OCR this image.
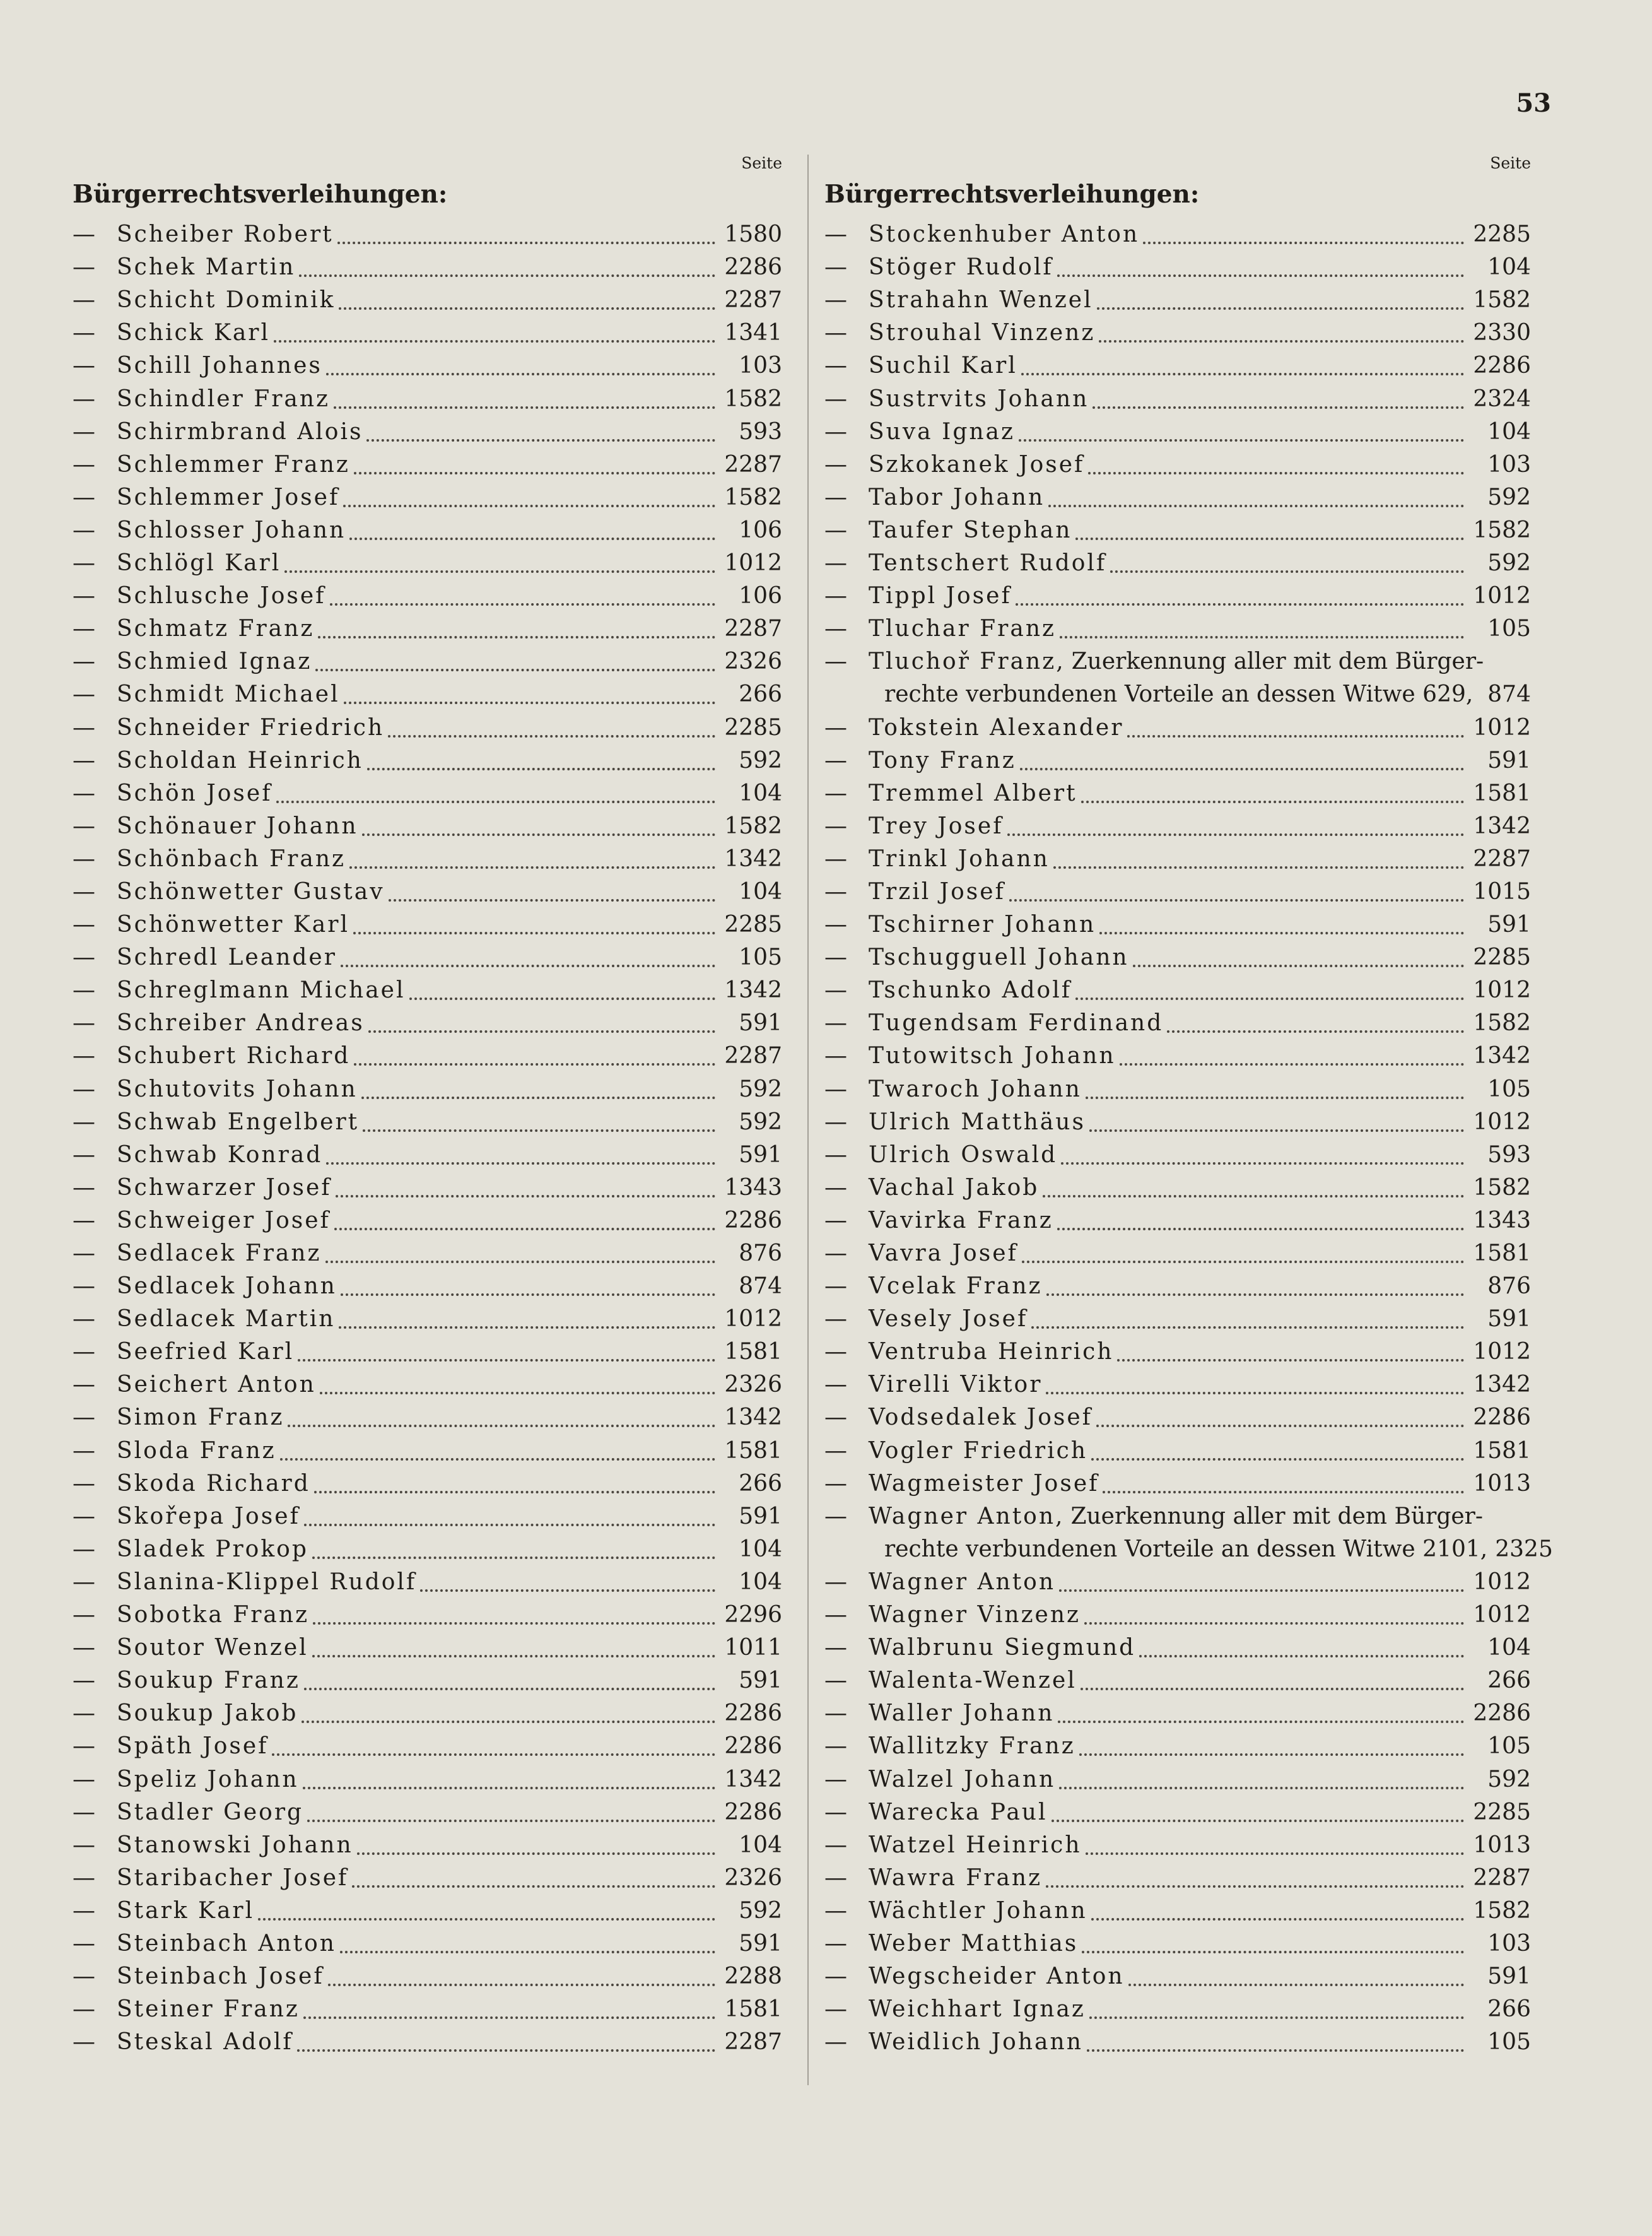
53
Seite
Bürgerrechtsverleihungen:
— Scheiber Robert	1580
— Schek Martin	2286
— Schicht Dominik	2287
— Schick Karl	1341
— Schill Johannes	103
— Schindler Franz	1582
— Schirmbrand Alois	593
— Schlemmer Franz	2287
— Schlemmer Josef	1582
— Schlosser Johann	106
— Schlögl Karl	1012
— Schlusche Josef	106
— Schmatz Franz	2287
— Schmied Ignaz	2326
— Schmidt Michael	266
— Schneider Friedrich	2285
— Scholdan Heinrich	592
— Schön Josef	104
— Schönauer Johann	1582
— Schönbach Franz	1342
— Schönwetter Gustav	104
— Schönwetter Karl	2285
— Schredl Leander	105
— Schreglmann Michael	1342
— Schreiber Andreas	591
— Schubert Richard	2287
— Schutovits Johann	592
— Schwab Engelbert	592
— Schwab Konrad	591
— Schwarzer Josef	1343
— Schweiger Josef	2286
— Sedlacek Franz	876
— Sedlacek Johann	874
— Sedlacek Martin	1012
— Seefried Karl	1581
— Seichert Anton	2326
— Simon Franz	1342
— Sloda Franz	1581
— Skoda Richard	266
— Skořepa Josef	591
— Sladek Prokop	104
— Slanina-Klippel Rudolf	104
— Sobotka Franz	2296
— Soutor Wenzel	1011
— Soukup Franz	591
— Soukup Jakob	2286
— Späth Josef	2286
— Speliz Johann	1342
— Stadler Georg	2286
— Stanowski Johann	104
— Staribacher Josef	2326
— Stark Karl	592
— Steinbach Anton	591
— Steinbach Josef	2288
— Steiner Franz	1581
— Steskal Adolf	2287
Seite
Bürgerrechtsverleihungen:
— Stockenhuber Anton	2285
— Stöger Rudolf	104
— Strahahn Wenzel	1582
— Strouhal Vinzenz	2330
— Suchil Karl	2286
— Sustrvits Johann	2324
— Suva Ignaz	104
— Szkokanek Josef	103
— Tabor Johann	592
— Taufer Stephan	1582
— Tentschert Rudolf	592
— Tippl Josef	1012
— Tluchar Franz	105
— Tluchoř Franz, Zuerkennung aller mit dem Bürger-
rechte verbundenen Vorteile an dessen Witwe 629, 874
— Tokstein Alexander	1012
— Tony Franz	591
— Tremmel Albert	1581
— Trey Josef	1342
— Trinkl Johann	2287
— Trzil Josef	1015
— Tschirner Johann	591
— Tschugguell Johann	2285
— Tschunko Adolf	1012
— Tugendsam Ferdinand	1582
— Tutowitsch Johann	1342
— Twaroch Johann	105
— Ulrich Matthäus	1012
— Ulrich Oswald	593
— Vachal Jakob	1582
— Vavirka Franz	1343
— Vavra Josef	1581
— Vcelak Franz	876
— Vesely Josef	591
— Ventruba Heinrich	1012
— Virelli Viktor	1342
— Vodsedalek Josef	2286
— Vogler Friedrich	1581
— Wagmeister Josef	1013
— Wagner Anton, Zuerkennung aller mit dem Bürger-
rechte verbundenen Vorteile an dessen Witwe 2101, 2325
— Wagner Anton	1012
— Wagner Vinzenz	1012
— Walbrunu Siegmund	104
— Walenta-Wenzel	266
— Waller Johann	2286
— Wallitzky Franz	105
— Walzel Johann	592
— Warecka Paul	2285
— Watzel Heinrich	1013
— Wawra Franz	2287
— Wächtler Johann	1582
— Weber Matthias	103
— Wegscheider Anton	591
— Weichhart Ignaz	266
— Weidlich Johann	105
